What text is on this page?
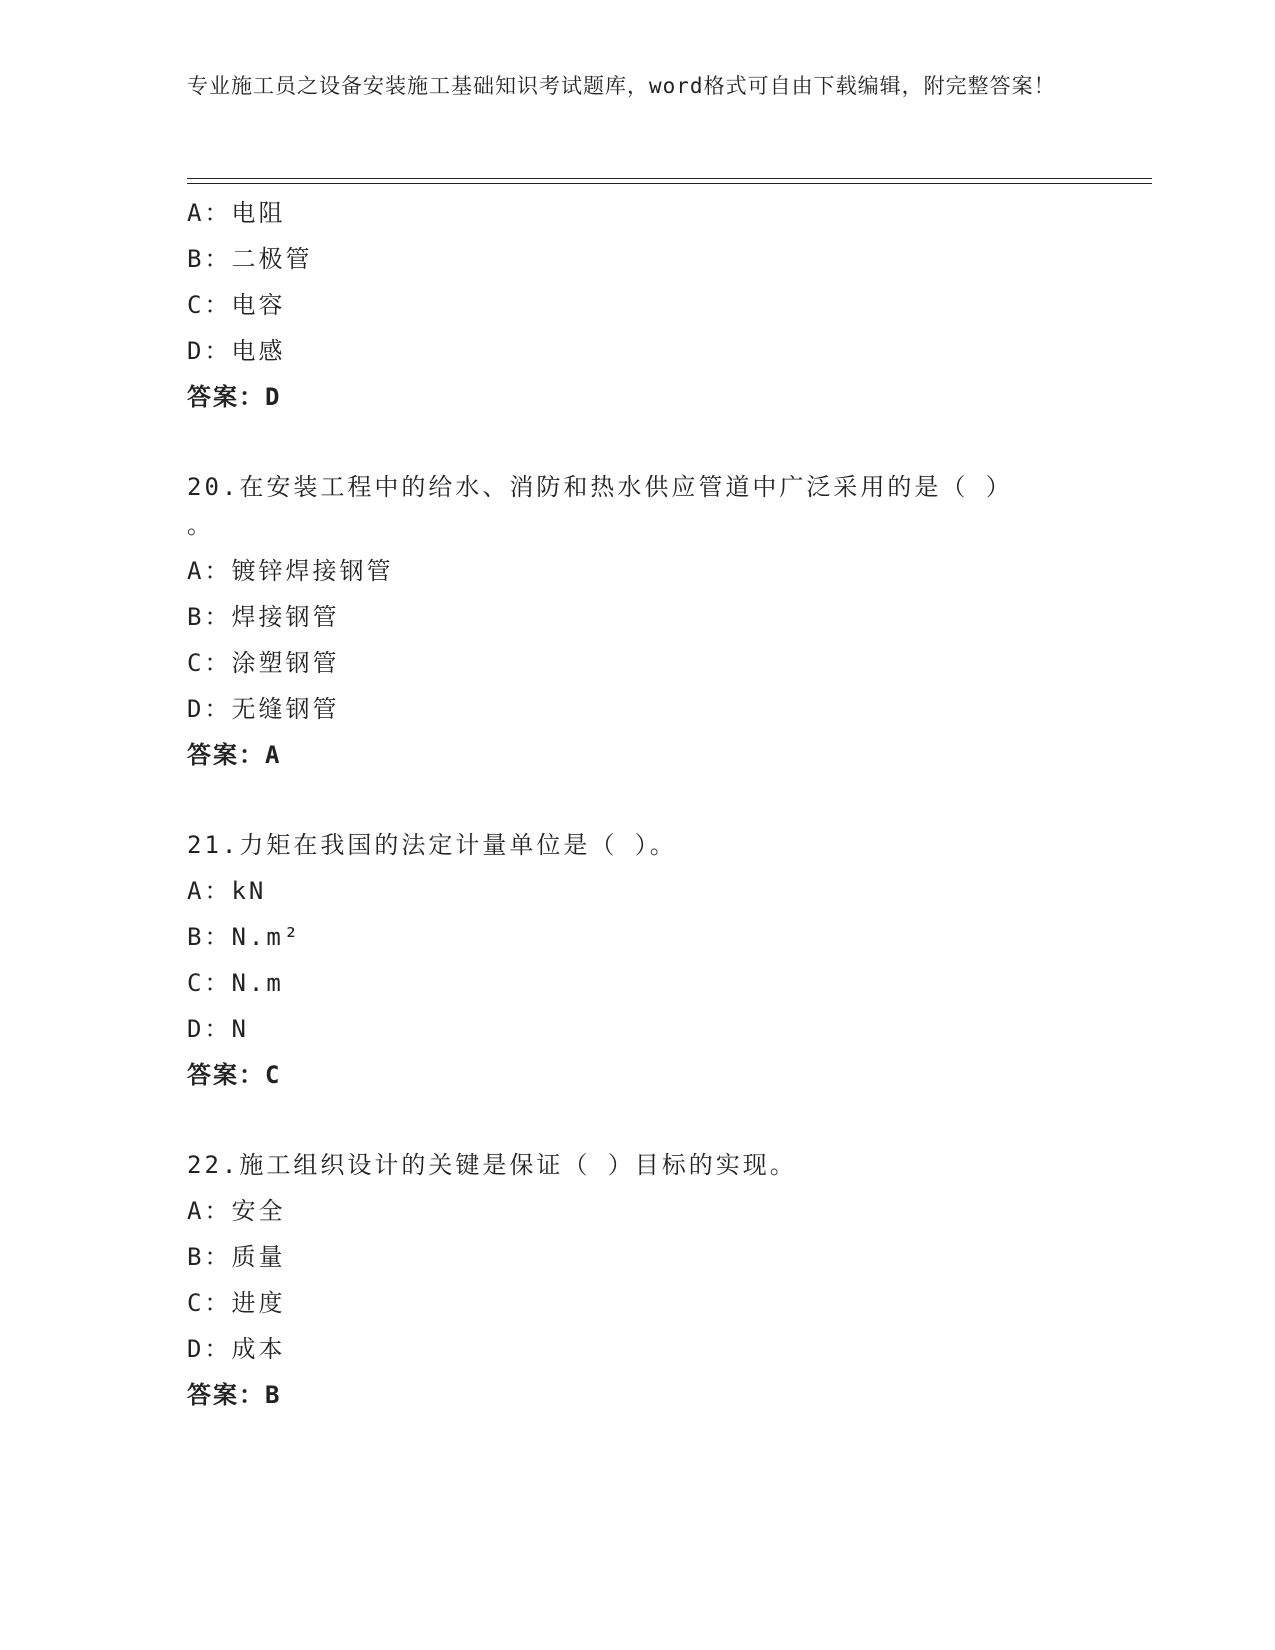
专业施工员之设备安装施工基础知识考试题库，word格式可自由下载编辑，附完整答案！
A：电阻
B：二极管
C：电容
D：电感
答案：D
20.在安装工程中的给水、消防和热水供应管道中广泛采用的是（ ）
。
A：镀锌焊接钢管
B：焊接钢管
C：涂塑钢管
D：无缝钢管
答案：A
21.力矩在我国的法定计量单位是（ ）。
A：kN
B：N.m²
C：N.m
D：N
答案：C
22.施工组织设计的关键是保证（ ）目标的实现。
A：安全
B：质量
C：进度
D：成本
答案：B
